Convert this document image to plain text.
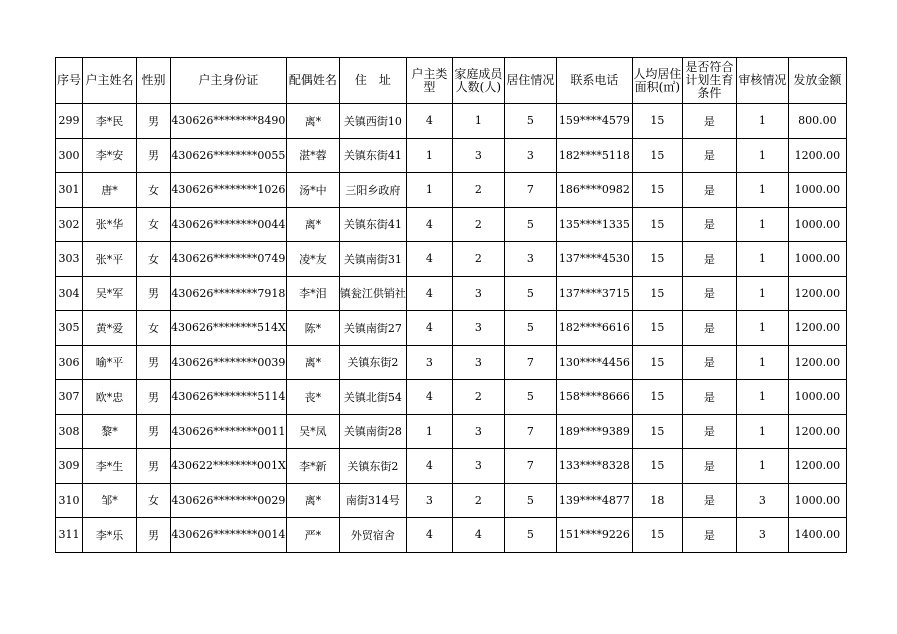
序号	户主姓名	性别	户主身份证	配偶姓名	住　址	户主类型	家庭成员人数(人)	居住情况	联系电话	人均居住面积(㎡)	是否符合计划生育条件	审核情况	发放金额
299	李*民	男	430626********8490	离*	关镇西街10	4	1	5	159****4579	15	是	1	800.00
300	李*安	男	430626********0055	湛*蓉	关镇东街41	1	3	3	182****5118	15	是	1	1200.00
301	唐*	女	430626********1026	汤*中	三阳乡政府	1	2	7	186****0982	15	是	1	1000.00
302	张*华	女	430626********0044	离*	关镇东街41	4	2	5	135****1335	15	是	1	1000.00
303	张*平	女	430626********0749	凌*友	关镇南街31	4	2	3	137****4530	15	是	1	1000.00
304	吴*军	男	430626********7918	李*泪	镇瓮江供销社	4	3	5	137****3715	15	是	1	1200.00
305	黄*爱	女	430626********514X	陈*	关镇南街27	4	3	5	182****6616	15	是	1	1200.00
306	喻*平	男	430626********0039	离*	关镇东街2	3	3	7	130****4456	15	是	1	1200.00
307	欧*忠	男	430626********5114	丧*	关镇北街54	4	2	5	158****8666	15	是	1	1000.00
308	黎*	男	430626********0011	吴*凤	关镇南街28	1	3	7	189****9389	15	是	1	1200.00
309	李*生	男	430622********001X	李*新	关镇东街2	4	3	7	133****8328	15	是	1	1200.00
310	邹*	女	430626********0029	离*	南街314号	3	2	5	139****4877	18	是	3	1000.00
311	李*乐	男	430626********0014	严*	外贸宿舍	4	4	5	151****9226	15	是	3	1400.00
